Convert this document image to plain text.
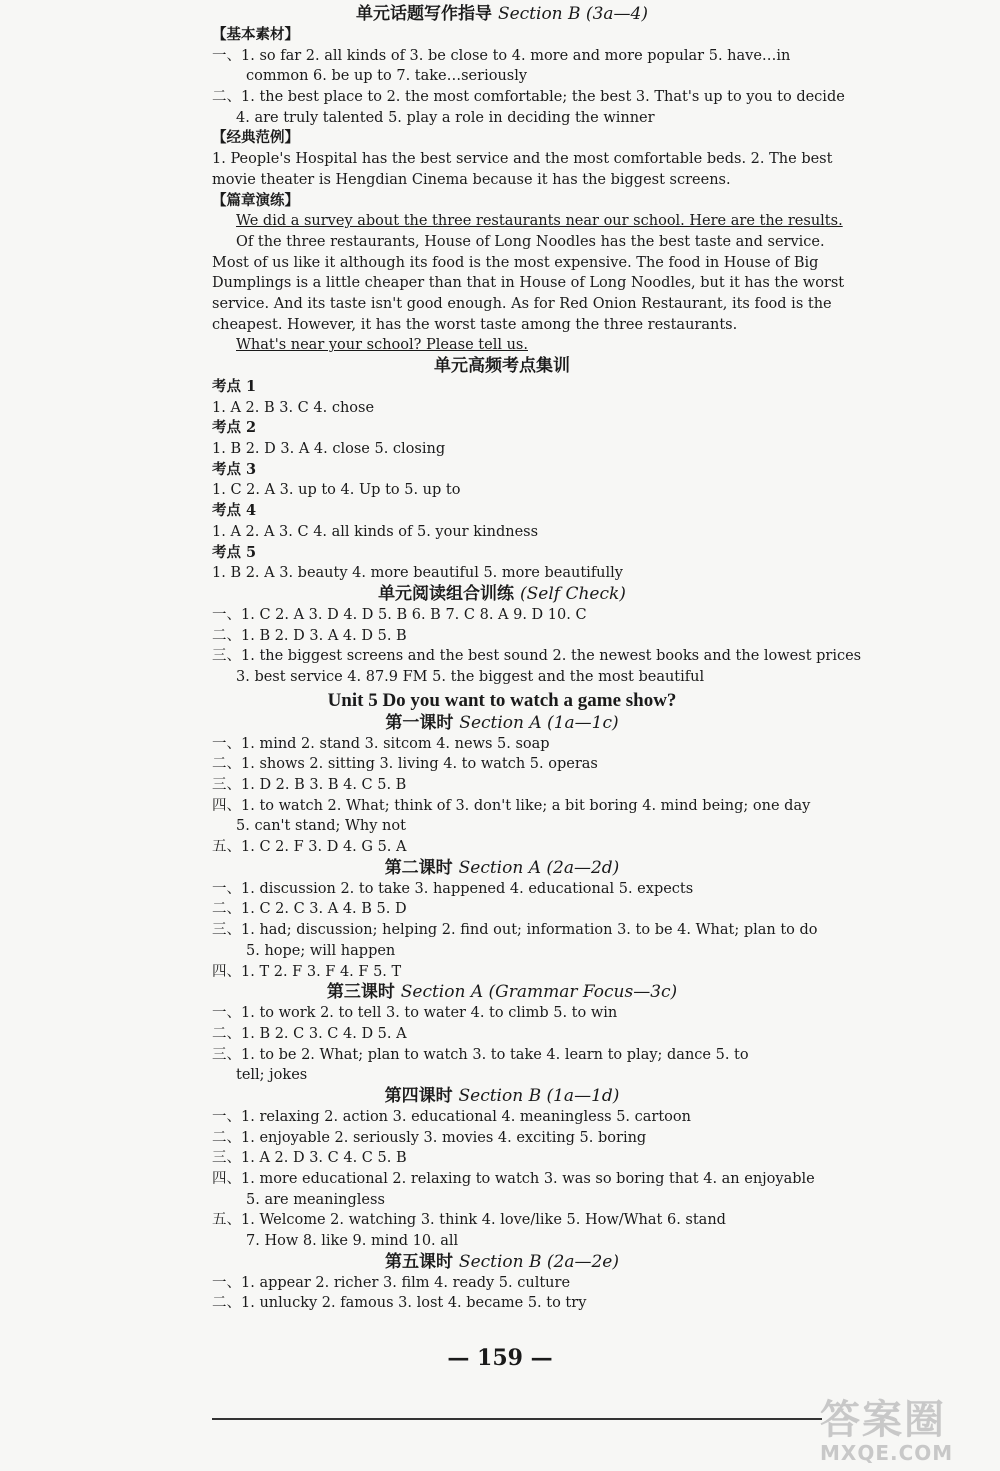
单元话题写作指导 Section B (3a—4)
【基本素材】
一、1. so far 2. all kinds of 3. be close to 4. more and more popular 5. have…in
common 6. be up to 7. take…seriously
二、1. the best place to 2. the most comfortable; the best 3. That's up to you to decide
4. are truly talented 5. play a role in deciding the winner
【经典范例】
1. People's Hospital has the best service and the most comfortable beds. 2. The best
movie theater is Hengdian Cinema because it has the biggest screens.
【篇章演练】
We did a survey about the three restaurants near our school. Here are the results.
Of the three restaurants, House of Long Noodles has the best taste and service.
Most of us like it although its food is the most expensive. The food in House of Big
Dumplings is a little cheaper than that in House of Long Noodles, but it has the worst
service. And its taste isn't good enough. As for Red Onion Restaurant, its food is the
cheapest. However, it has the worst taste among the three restaurants.
What's near your school? Please tell us.
单元高频考点集训
考点 1
1. A 2. B 3. C 4. chose
考点 2
1. B 2. D 3. A 4. close 5. closing
考点 3
1. C 2. A 3. up to 4. Up to 5. up to
考点 4
1. A 2. A 3. C 4. all kinds of 5. your kindness
考点 5
1. B 2. A 3. beauty 4. more beautiful 5. more beautifully
单元阅读组合训练 (Self Check)
一、1. C 2. A 3. D 4. D 5. B 6. B 7. C 8. A 9. D 10. C
二、1. B 2. D 3. A 4. D 5. B
三、1. the biggest screens and the best sound 2. the newest books and the lowest prices
3. best service 4. 87.9 FM 5. the biggest and the most beautiful
Unit 5 Do you want to watch a game show?
第一课时 Section A (1a—1c)
一、1. mind 2. stand 3. sitcom 4. news 5. soap
二、1. shows 2. sitting 3. living 4. to watch 5. operas
三、1. D 2. B 3. B 4. C 5. B
四、1. to watch 2. What; think of 3. don't like; a bit boring 4. mind being; one day
5. can't stand; Why not
五、1. C 2. F 3. D 4. G 5. A
第二课时 Section A (2a—2d)
一、1. discussion 2. to take 3. happened 4. educational 5. expects
二、1. C 2. C 3. A 4. B 5. D
三、1. had; discussion; helping 2. find out; information 3. to be 4. What; plan to do
5. hope; will happen
四、1. T 2. F 3. F 4. F 5. T
第三课时 Section A (Grammar Focus—3c)
一、1. to work 2. to tell 3. to water 4. to climb 5. to win
二、1. B 2. C 3. C 4. D 5. A
三、1. to be 2. What; plan to watch 3. to take 4. learn to play; dance 5. to
tell; jokes
第四课时 Section B (1a—1d)
一、1. relaxing 2. action 3. educational 4. meaningless 5. cartoon
二、1. enjoyable 2. seriously 3. movies 4. exciting 5. boring
三、1. A 2. D 3. C 4. C 5. B
四、1. more educational 2. relaxing to watch 3. was so boring that 4. an enjoyable
5. are meaningless
五、1. Welcome 2. watching 3. think 4. love/like 5. How/What 6. stand
7. How 8. like 9. mind 10. all
第五课时 Section B (2a—2e)
一、1. appear 2. richer 3. film 4. ready 5. culture
二、1. unlucky 2. famous 3. lost 4. became 5. to try
— 159 —
答案圈
MXQE.COM
